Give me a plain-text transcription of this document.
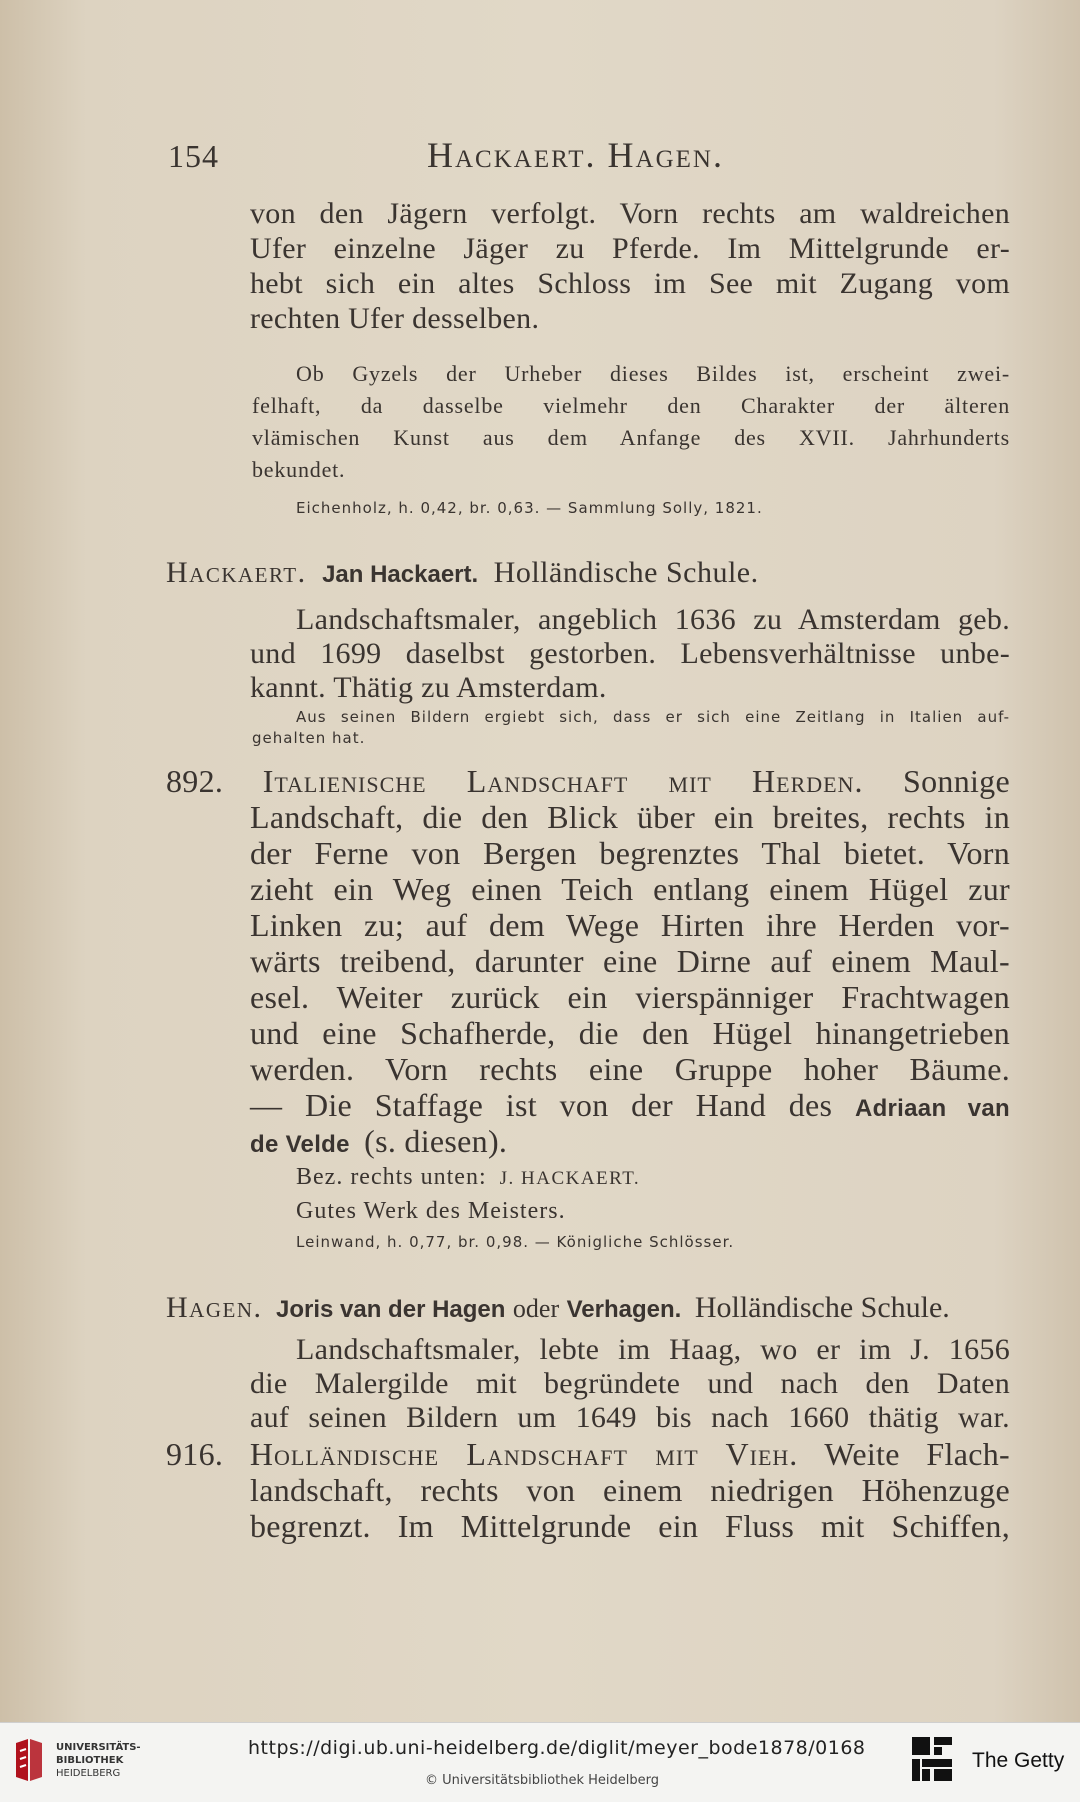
154	Hackaert. Hagen.
von den Jägern verfolgt. Vorn rechts am waldreichen
Ufer einzelne Jäger zu Pferde. Im Mittelgrunde er-
hebt sich ein altes Schloss im See mit Zugang vom
rechten Ufer desselben.
Ob Gyzels der Urheber dieses Bildes ist, erscheint zwei-
felhaft, da dasselbe vielmehr den Charakter der älteren
vlämischen Kunst aus dem Anfange des XVII. Jahrhunderts
bekundet.
Eichenholz, h. 0,42, br. 0,63. — Sammlung Solly, 1821.
Hackaert. Jan Hackaert. Holländische Schule.
Landschaftsmaler, angeblich 1636 zu Amsterdam geb.
und 1699 daselbst gestorben. Lebensverhältnisse unbe-
kannt. Thätig zu Amsterdam.
Aus seinen Bildern ergiebt sich, dass er sich eine Zeitlang in Italien auf-
gehalten hat.
892. Italienische Landschaft mit Herden. Sonnige
Landschaft, die den Blick über ein breites, rechts in
der Ferne von Bergen begrenztes Thal bietet. Vorn
zieht ein Weg einen Teich entlang einem Hügel zur
Linken zu; auf dem Wege Hirten ihre Herden vor-
wärts treibend, darunter eine Dirne auf einem Maul-
esel. Weiter zurück ein vierspänniger Frachtwagen
und eine Schafherde, die den Hügel hinangetrieben
werden. Vorn rechts eine Gruppe hoher Bäume.
— Die Staffage ist von der Hand des Adriaan van
de Velde (s. diesen).
Bez. rechts unten: J. HACKAERT.
Gutes Werk des Meisters.
Leinwand, h. 0,77, br. 0,98. — Königliche Schlösser.
Hagen. Joris van der Hagen oder Verhagen. Holländische Schule.
Landschaftsmaler, lebte im Haag, wo er im J. 1656
die Malergilde mit begründete und nach den Daten
auf seinen Bildern um 1649 bis nach 1660 thätig war.
916. Holländische Landschaft mit Vieh. Weite Flach-
landschaft, rechts von einem niedrigen Höhenzuge
begrenzt. Im Mittelgrunde ein Fluss mit Schiffen,
UNIVERSITÄTS-
BIBLIOTHEK
HEIDELBERG
https://digi.ub.uni-heidelberg.de/diglit/meyer_bode1878/0168
© Universitätsbibliothek Heidelberg
The Getty
